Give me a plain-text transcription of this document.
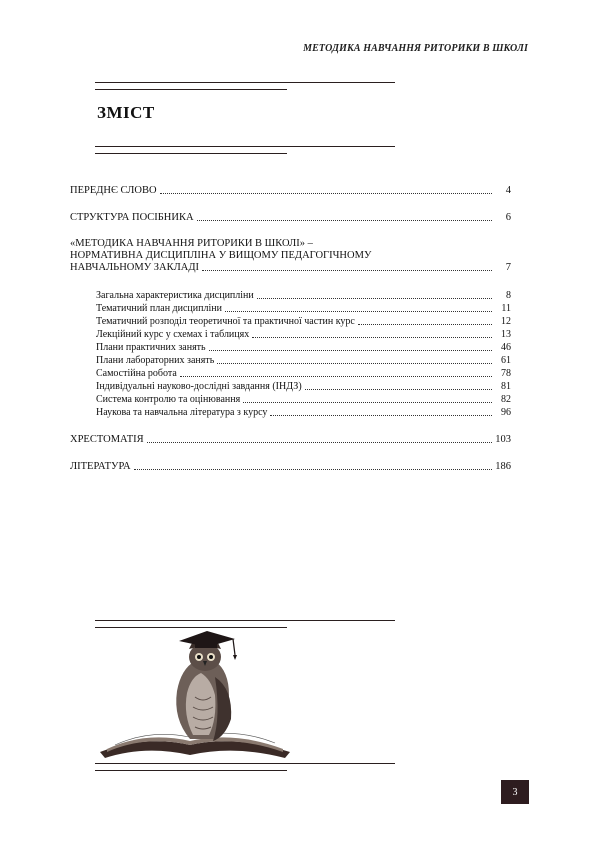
МЕТОДИКА НАВЧАННЯ РИТОРИКИ В ШКОЛІ
ЗМІСТ
ПЕРЕДНЄ СЛОВО	4
СТРУКТУРА ПОСІБНИКА	6
«МЕТОДИКА НАВЧАННЯ РИТОРИКИ В ШКОЛІ» –
НОРМАТИВНА ДИСЦИПЛІНА У ВИЩОМУ ПЕДАГОГІЧНОМУ
НАВЧАЛЬНОМУ ЗАКЛАДІ	7
Загальна характеристика дисципліни	8
Тематичний план дисципліни	11
Тематичний розподіл теоретичної та практичної частин курс	12
Лекційний курс у схемах і таблицях	13
Плани практичних занять	46
Плани лабораторних занять	61
Самостійна робота	78
Індивідуальні науково-дослідні завдання (ІНДЗ)	81
Система контролю та оцінювання	82
Наукова та навчальна література з курсу	96
ХРЕСТОМАТІЯ	103
ЛІТЕРАТУРА	186
3
